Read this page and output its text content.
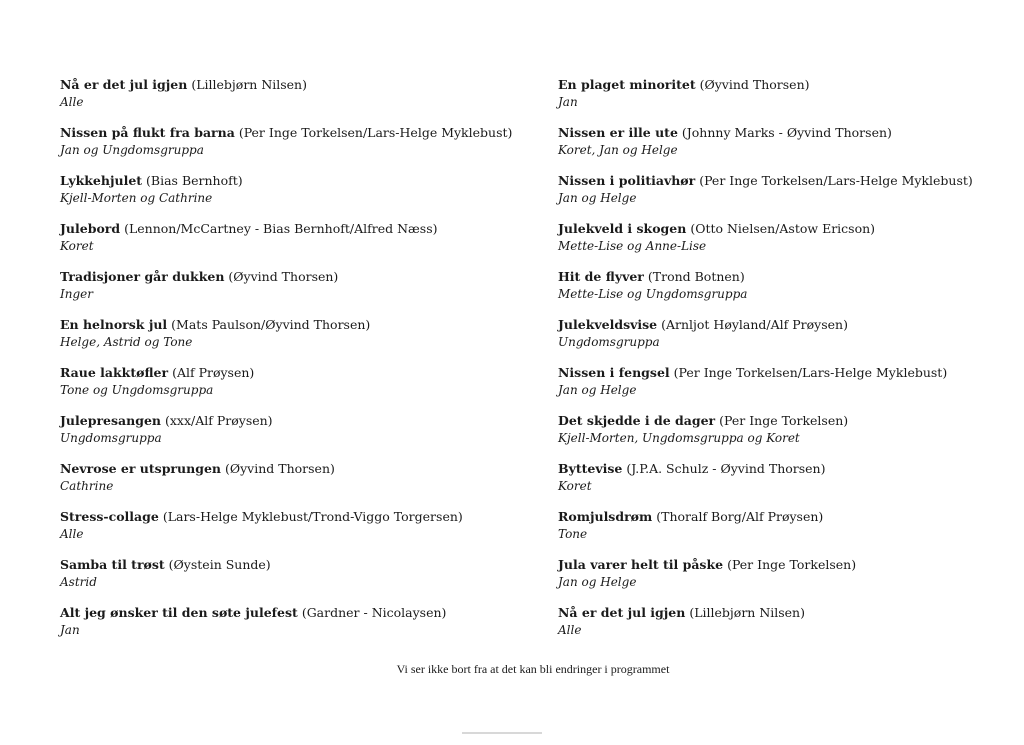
Nå er det jul igjen (Lillebjørn Nilsen)
Alle
Nissen på flukt fra barna (Per Inge Torkelsen/Lars-Helge Myklebust)
Jan og Ungdomsgruppa
Lykkehjulet (Bias Bernhoft)
Kjell-Morten og Cathrine
Julebord (Lennon/McCartney - Bias Bernhoft/Alfred Næss)
Koret
Tradisjoner går dukken (Øyvind Thorsen)
Inger
En helnorsk jul (Mats Paulson/Øyvind Thorsen)
Helge, Astrid og Tone
Raue lakktøfler (Alf Prøysen)
Tone og Ungdomsgruppa
Julepresangen (xxx/Alf Prøysen)
Ungdomsgruppa
Nevrose er utsprungen (Øyvind Thorsen)
Cathrine
Stress-collage (Lars-Helge Myklebust/Trond-Viggo Torgersen)
Alle
Samba til trøst (Øystein Sunde)
Astrid
Alt jeg ønsker til den søte julefest (Gardner - Nicolaysen)
Jan
En plaget minoritet (Øyvind Thorsen)
Jan
Nissen er ille ute (Johnny Marks - Øyvind Thorsen)
Koret, Jan og Helge
Nissen i politiavhør (Per Inge Torkelsen/Lars-Helge Myklebust)
Jan og Helge
Julekveld i skogen (Otto Nielsen/Astow Ericson)
Mette-Lise og Anne-Lise
Hit de flyver (Trond Botnen)
Mette-Lise og Ungdomsgruppa
Julekveldsvise (Arnljot Høyland/Alf Prøysen)
Ungdomsgruppa
Nissen i fengsel (Per Inge Torkelsen/Lars-Helge Myklebust)
Jan og Helge
Det skjedde i de dager (Per Inge Torkelsen)
Kjell-Morten, Ungdomsgruppa og Koret
Byttevise (J.P.A. Schulz - Øyvind Thorsen)
Koret
Romjulsdrøm (Thoralf Borg/Alf Prøysen)
Tone
Jula varer helt til påske (Per Inge Torkelsen)
Jan og Helge
Nå er det jul igjen (Lillebjørn Nilsen)
Alle
Vi ser ikke bort fra at det kan bli endringer i programmet
